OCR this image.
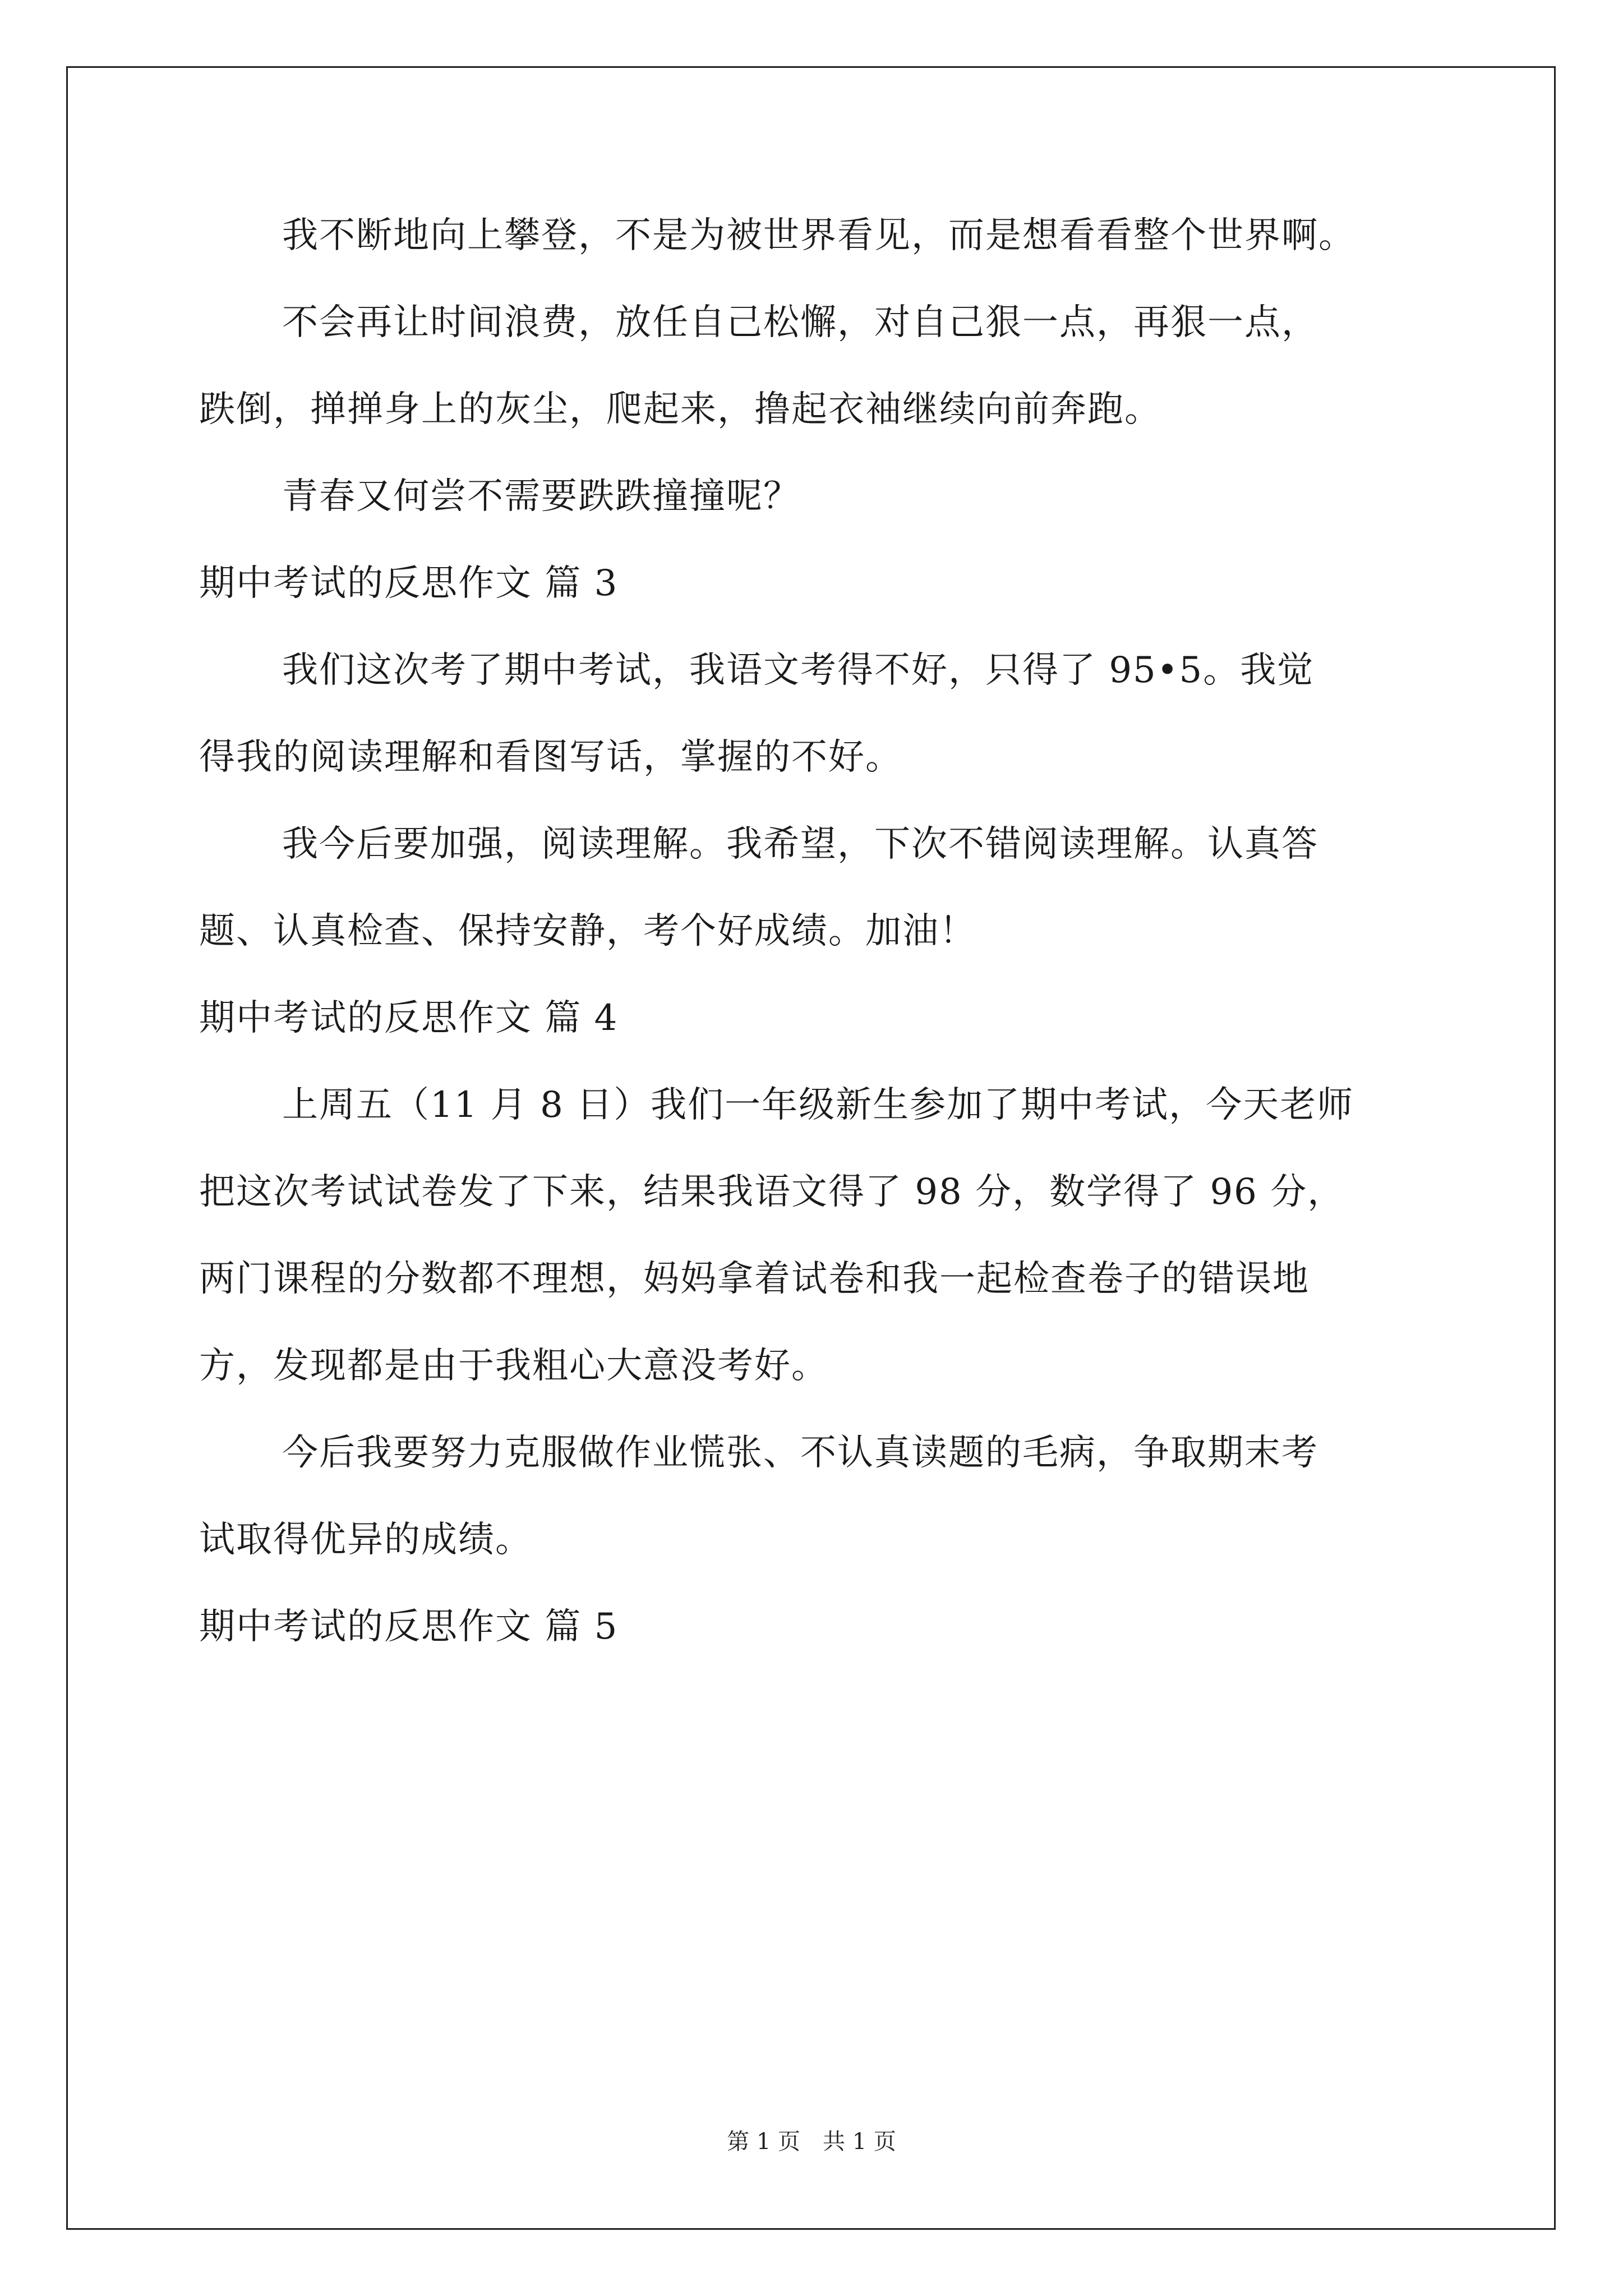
我不断地向上攀登，不是为被世界看见，而是想看看整个世界啊。
不会再让时间浪费，放任自己松懈，对自己狠一点，再狠一点，
跌倒，掸掸身上的灰尘，爬起来，撸起衣袖继续向前奔跑。
青春又何尝不需要跌跌撞撞呢？
期中考试的反思作文 篇 3
我们这次考了期中考试，我语文考得不好，只得了 95•5。我觉
得我的阅读理解和看图写话，掌握的不好。
我今后要加强，阅读理解。我希望，下次不错阅读理解。认真答
题、认真检查、保持安静，考个好成绩。加油！
期中考试的反思作文 篇 4
上周五（11 月 8 日）我们一年级新生参加了期中考试，今天老师
把这次考试试卷发了下来，结果我语文得了 98 分，数学得了 96 分，
两门课程的分数都不理想，妈妈拿着试卷和我一起检查卷子的错误地
方，发现都是由于我粗心大意没考好。
今后我要努力克服做作业慌张、不认真读题的毛病，争取期末考
试取得优异的成绩。
期中考试的反思作文 篇 5
第 1 页　共 1 页
